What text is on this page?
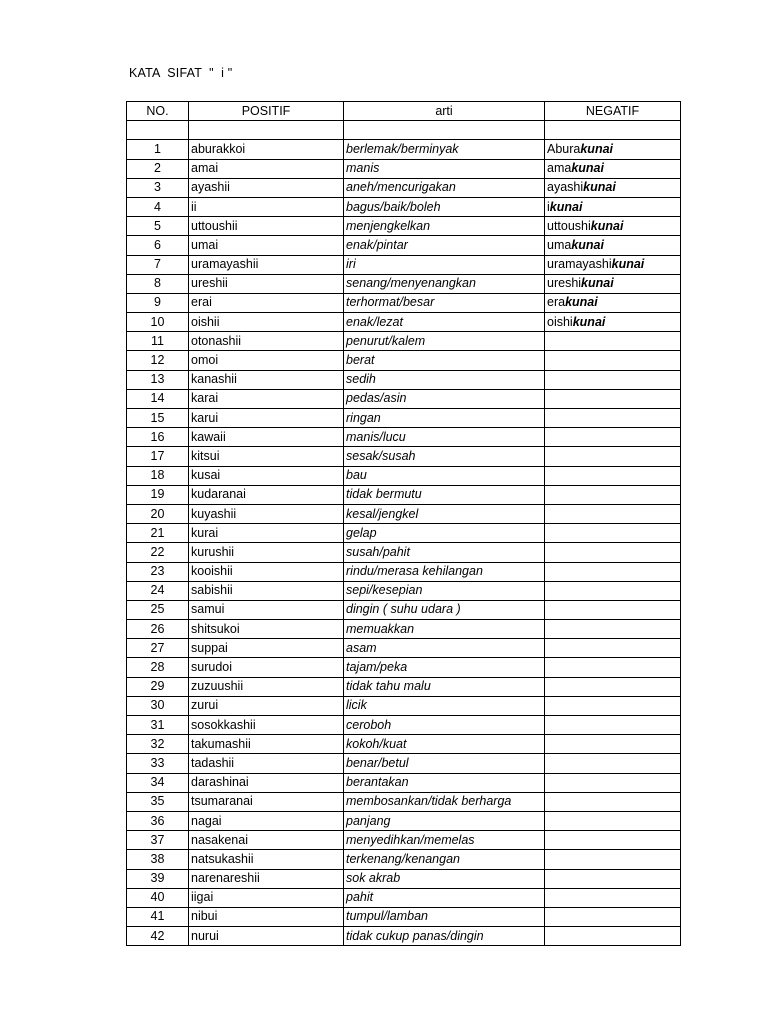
KATA  SIFAT  "  i "
NO.	POSITIF	arti	NEGATIF

1	aburakkoi	berlemak/berminyak	Aburakunai
2	amai	manis	amakunai
3	ayashii	aneh/mencurigakan	ayashikunai
4	ii	bagus/baik/boleh	ikunai
5	uttoushii	menjengkelkan	uttoushikunai
6	umai	enak/pintar	umakunai
7	uramayashii	iri	uramayashikunai
8	ureshii	senang/menyenangkan	ureshikunai
9	erai	terhormat/besar	erakunai
10	oishii	enak/lezat	oishikunai
11	otonashii	penurut/kalem	
12	omoi	berat	
13	kanashii	sedih	
14	karai	pedas/asin	
15	karui	ringan	
16	kawaii	manis/lucu	
17	kitsui	sesak/susah	
18	kusai	bau	
19	kudaranai	tidak bermutu	
20	kuyashii	kesal/jengkel	
21	kurai	gelap	
22	kurushii	susah/pahit	
23	kooishii	rindu/merasa kehilangan	
24	sabishii	sepi/kesepian	
25	samui	dingin ( suhu udara )	
26	shitsukoi	memuakkan	
27	suppai	asam	
28	surudoi	tajam/peka	
29	zuzuushii	tidak tahu malu	
30	zurui	licik	
31	sosokkashii	ceroboh	
32	takumashii	kokoh/kuat	
33	tadashii	benar/betul	
34	darashinai	berantakan	
35	tsumaranai	membosankan/tidak berharga	
36	nagai	panjang	
37	nasakenai	menyedihkan/memelas	
38	natsukashii	terkenang/kenangan	
39	narenareshii	sok akrab	
40	iigai	pahit	
41	nibui	tumpul/lamban	
42	nurui	tidak cukup panas/dingin	
